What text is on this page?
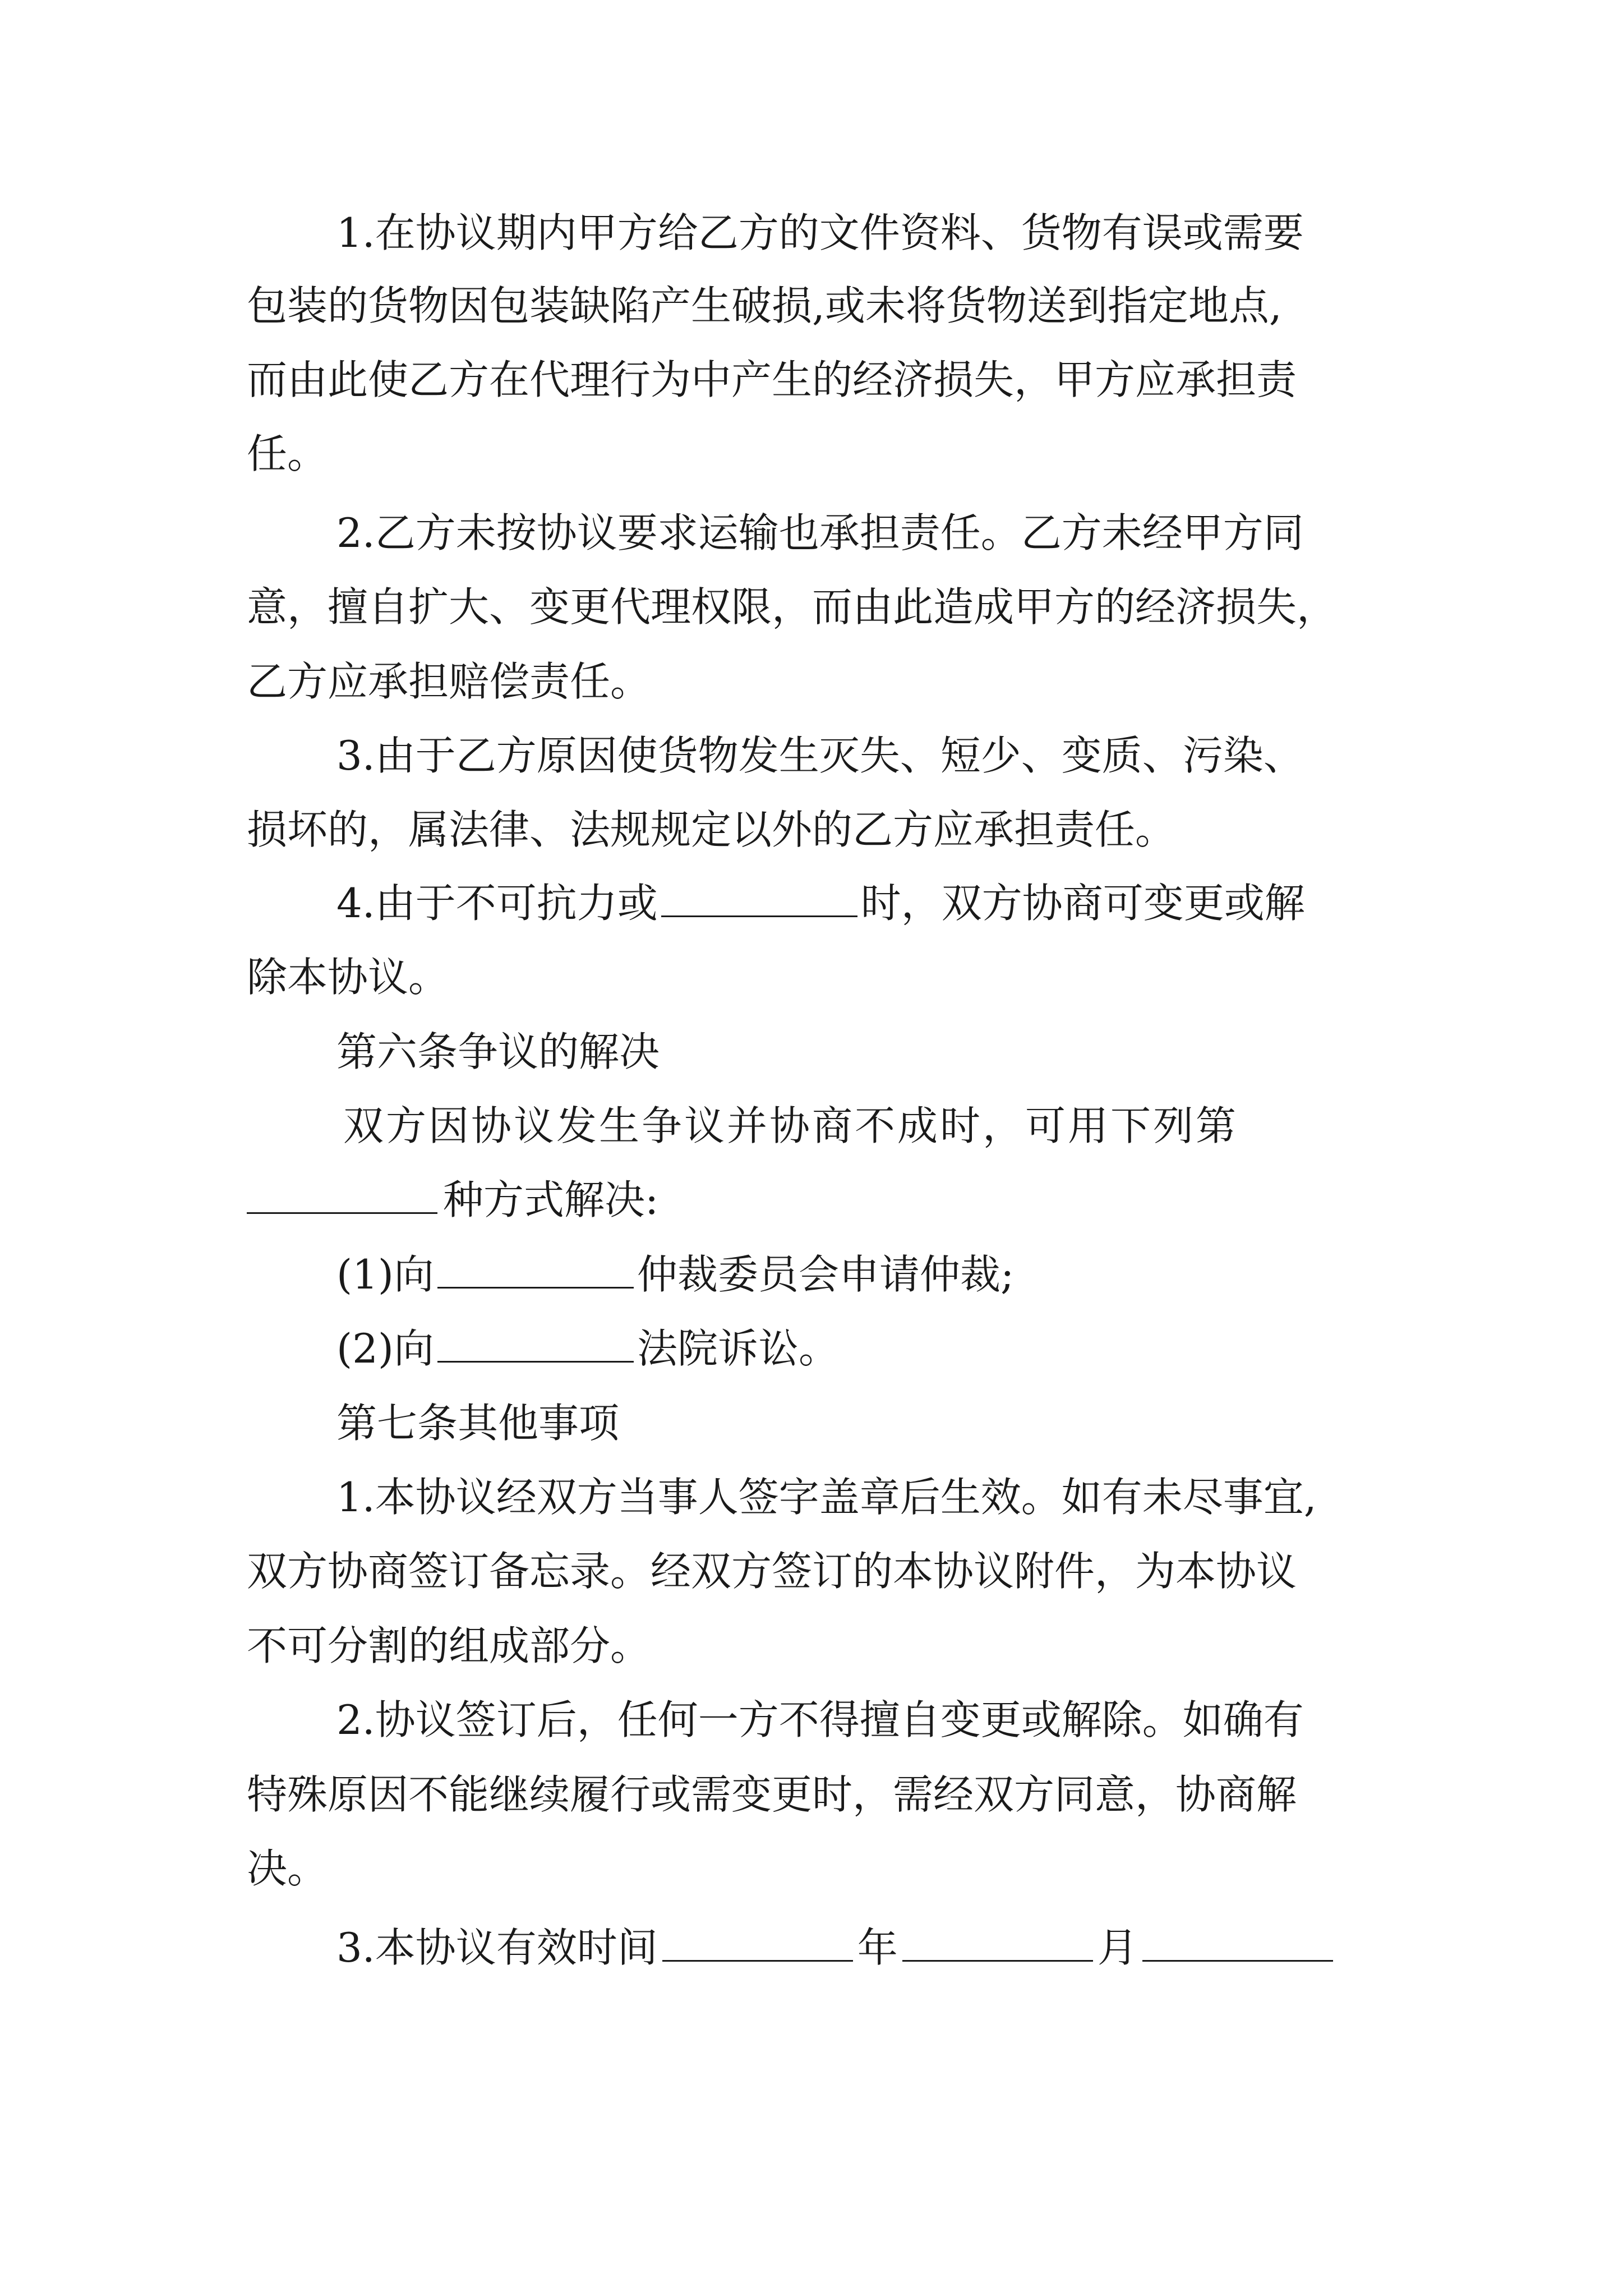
1.在协议期内甲方给乙方的文件资料、货物有误或需要
包装的货物因包装缺陷产生破损,或未将货物送到指定地点,
而由此使乙方在代理行为中产生的经济损失，甲方应承担责
任。
2.乙方未按协议要求运输也承担责任。乙方未经甲方同
意，擅自扩大、变更代理权限，而由此造成甲方的经济损失，
乙方应承担赔偿责任。
3.由于乙方原因使货物发生灭失、短少、变质、污染、
损坏的，属法律、法规规定以外的乙方应承担责任。
4.由于不可抗力或	时，双方协商可变更或解
除本协议。
第六条争议的解决
双方因协议发生争议并协商不成时，可用下列第
种方式解决:
(1)向	仲裁委员会申请仲裁;
(2)向	法院诉讼。
第七条其他事项
1.本协议经双方当事人签字盖章后生效。如有未尽事宜,
双方协商签订备忘录。经双方签订的本协议附件，为本协议
不可分割的组成部分。
2.协议签订后，任何一方不得擅自变更或解除。如确有
特殊原因不能继续履行或需变更时，需经双方同意，协商解
决。
3.本协议有效时间	年	月
